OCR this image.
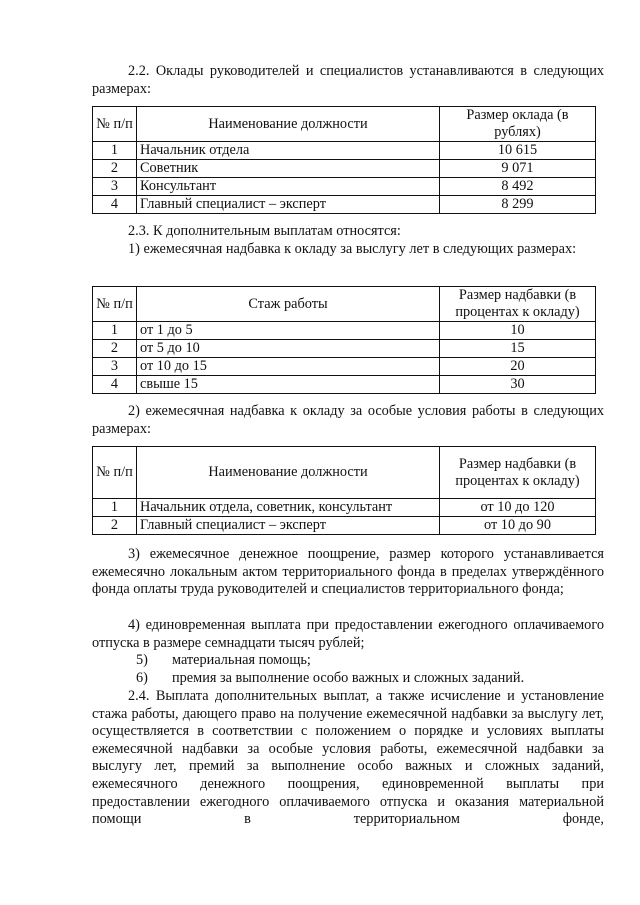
2.2. Оклады руководителей и специалистов устанавливаются в следующих размерах:
№ п/п	Наименование должности	Размер оклада (в рублях)
1	Начальник отдела	10 615
2	Советник	9 071
3	Консультант	8 492
4	Главный специалист – эксперт	8 299
2.3. К дополнительным выплатам относятся:
1) ежемесячная надбавка к окладу за выслугу лет в следующих размерах:
№ п/п	Стаж работы	Размер надбавки (в процентах к окладу)
1	от 1 до 5	10
2	от 5 до 10	15
3	от 10 до 15	20
4	свыше 15	30
2) ежемесячная надбавка к окладу за особые условия работы в следующих размерах:
№ п/п	Наименование должности	Размер надбавки (в процентах к окладу)
1	Начальник отдела, советник, консультант	от 10 до 120
2	Главный специалист – эксперт	от 10 до 90
3) ежемесячное денежное поощрение, размер которого устанавливается ежемесячно локальным актом территориального фонда в пределах утверждённого фонда оплаты труда руководителей и специалистов территориального фонда;
4) единовременная выплата при предоставлении ежегодного оплачиваемого отпуска в размере семнадцати тысяч рублей;
5)	материальная помощь;
6)	премия за выполнение особо важных и сложных заданий.
2.4. Выплата дополнительных выплат, а также исчисление и установление стажа работы, дающего право на получение ежемесячной надбавки за выслугу лет, осуществляется в соответствии с положением о порядке и условиях выплаты ежемесячной надбавки за особые условия работы, ежемесячной надбавки за выслугу лет, премий за выполнение особо важных и сложных заданий, ежемесячного денежного поощрения, единовременной выплаты при предоставлении ежегодного оплачиваемого отпуска и оказания материальной помощи в территориальном фонде,
